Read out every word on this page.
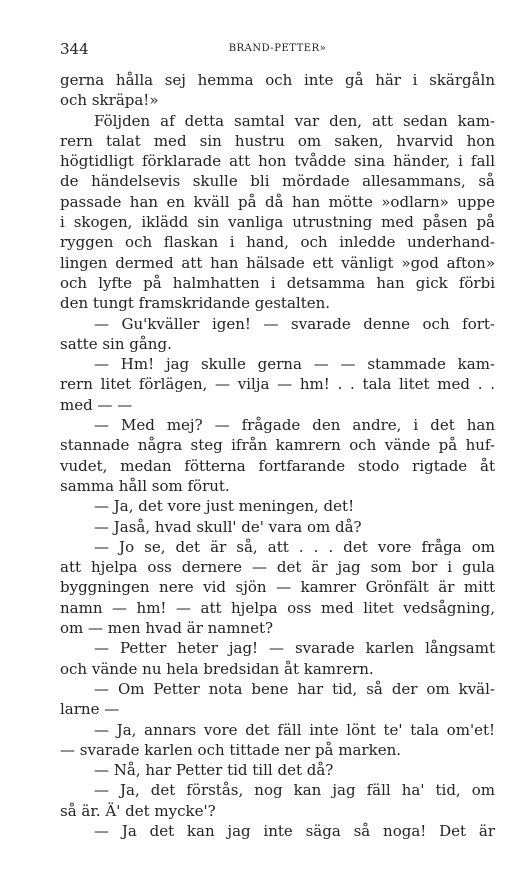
344	BRAND-PETTER»
gerna hålla sej hemma och inte gå här i skärgåln
och skräpa!»
Följden af detta samtal var den, att sedan kam-
rern talat med sin hustru om saken, hvarvid hon
högtidligt förklarade att hon tvådde sina händer, i fall
de händelsevis skulle bli mördade allesammans, så
passade han en kväll på då han mötte »odlarn» uppe
i skogen, iklädd sin vanliga utrustning med påsen på
ryggen och flaskan i hand, och inledde underhand-
lingen dermed att han hälsade ett vänligt »god afton»
och lyfte på halmhatten i detsamma han gick förbi
den tungt framskridande gestalten.
— Gu'kväller igen! — svarade denne och fort-
satte sin gång.
— Hm! jag skulle gerna — — stammade kam-
rern litet förlägen, — vilja — hm! . . tala litet med . .
med — —
— Med mej? — frågade den andre, i det han
stannade några steg ifrån kamrern och vände på huf-
vudet, medan fötterna fortfarande stodo rigtade åt
samma håll som förut.
— Ja, det vore just meningen, det!
— Jaså, hvad skull' de' vara om då?
— Jo se, det är så, att . . . det vore fråga om
att hjelpa oss dernere — det är jag som bor i gula
byggningen nere vid sjön — kamrer Grönfält är mitt
namn — hm! — att hjelpa oss med litet vedsågning,
om — men hvad är namnet?
— Petter heter jag! — svarade karlen långsamt
och vände nu hela bredsidan åt kamrern.
— Om Petter nota bene har tid, så der om kväl-
larne —
— Ja, annars vore det fäll inte lönt te' tala om'et!
— svarade karlen och tittade ner på marken.
— Nå, har Petter tid till det då?
— Ja, det förstås, nog kan jag fäll ha' tid, om
så är. Ä' det mycke'?
— Ja det kan jag inte säga så noga! Det är
